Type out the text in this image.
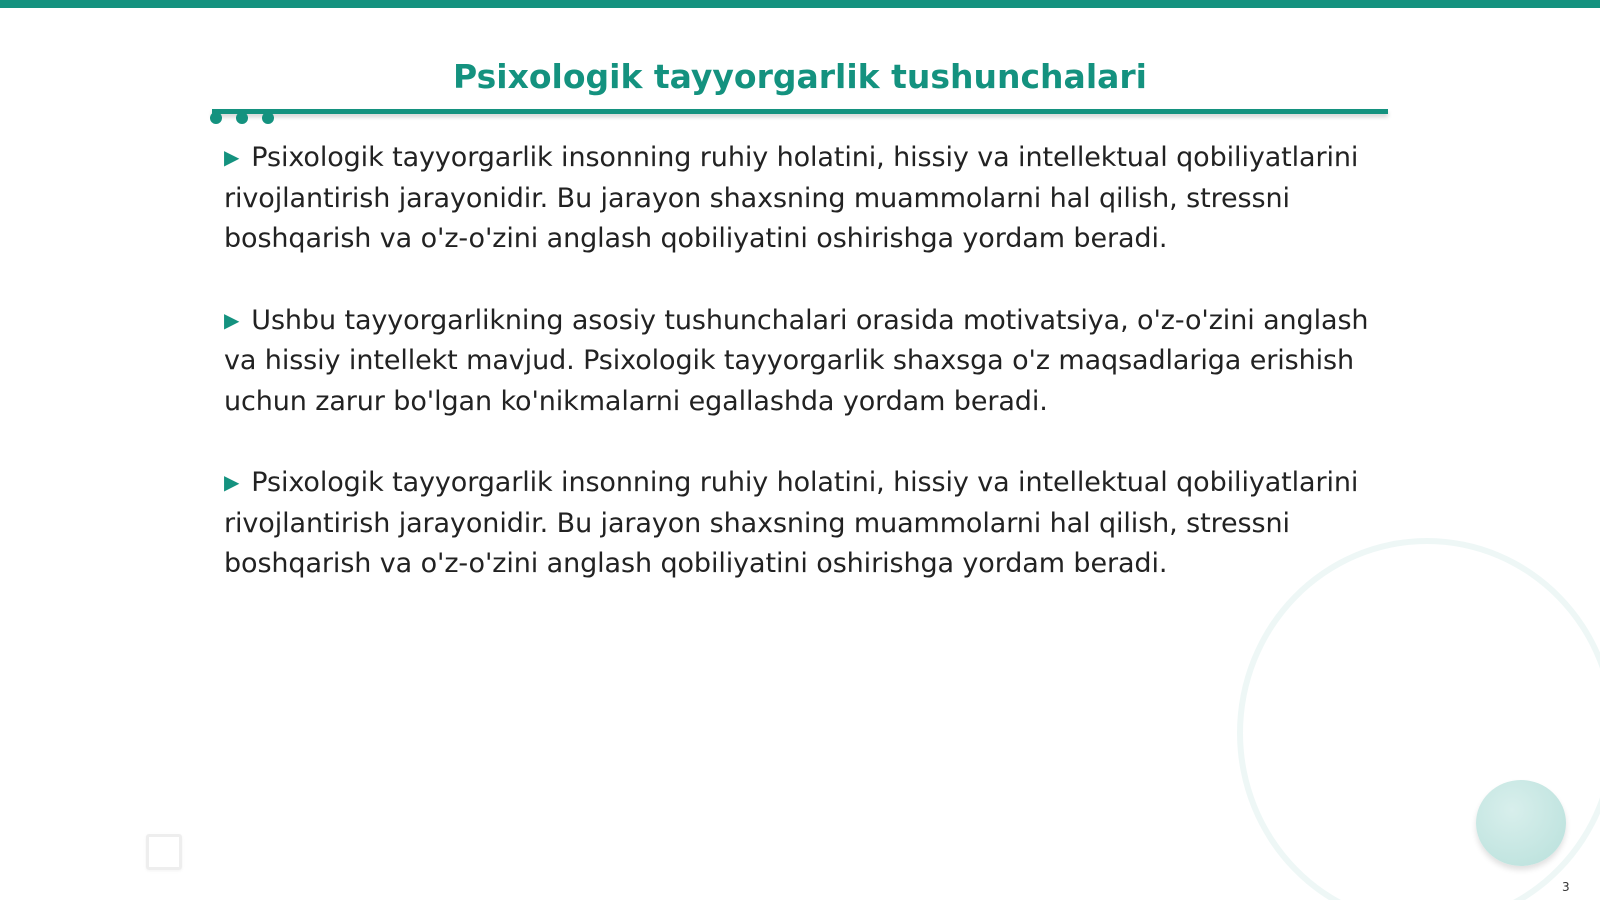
Psixologik tayyorgarlik tushunchalari

▶ Psixologik tayyorgarlik insonning ruhiy holatini, hissiy va intellektual qobiliyatlarini rivojlantirish jarayonidir. Bu jarayon shaxsning muammolarni hal qilish, stressni boshqarish va o'z-o'zini anglash qobiliyatini oshirishga yordam beradi.

▶ Ushbu tayyorgarlikning asosiy tushunchalari orasida motivatsiya, o'z-o'zini anglash va hissiy intellekt mavjud. Psixologik tayyorgarlik shaxsga o'z maqsadlariga erishish uchun zarur bo'lgan ko'nikmalarni egallashda yordam beradi.

▶ Psixologik tayyorgarlik insonning ruhiy holatini, hissiy va intellektual qobiliyatlarini rivojlantirish jarayonidir. Bu jarayon shaxsning muammolarni hal qilish, stressni boshqarish va o'z-o'zini anglash qobiliyatini oshirishga yordam beradi.

3
